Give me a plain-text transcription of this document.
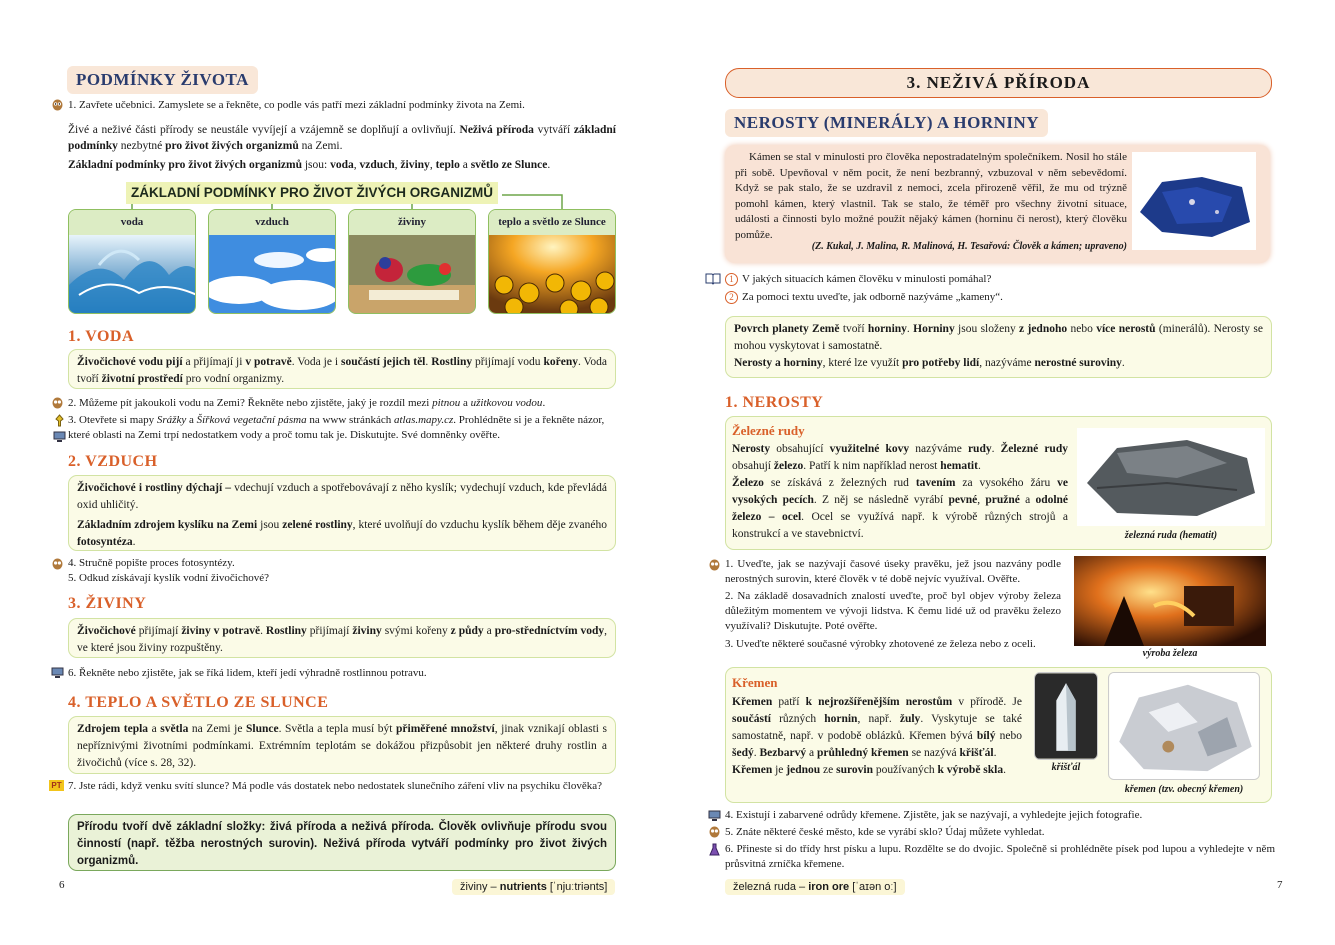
PODMÍNKY ŽIVOTA
1. Zavřete učebnici. Zamyslete se a řekněte, co podle vás patří mezi základní podmínky života na Zemi.
Živé a neživé části přírody se neustále vyvíjejí a vzájemně se doplňují a ovlivňují. Neživá příroda vytváří základní podmínky nezbytné pro život živých organizmů na Zemi.
Základní podmínky pro život živých organizmů jsou: voda, vzduch, živiny, teplo a světlo ze Slunce.
ZÁKLADNÍ PODMÍNKY PRO ŽIVOT ŽIVÝCH ORGANIZMŮ
voda	vzduch	živiny	teplo a světlo ze Slunce
1. VODA
Živočichové vodu pijí a přijímají ji v potravě. Voda je i součástí jejich těl. Rostliny přijímají vodu kořeny. Voda tvoří životní prostředí pro vodní organizmy.
2. Můžeme pít jakoukoli vodu na Zemi? Řekněte nebo zjistěte, jaký je rozdíl mezi pitnou a užitkovou vodou.
3. Otevřete si mapy Srážky a Šířková vegetační pásma na www stránkách atlas.mapy.cz. Prohlédněte si je a řekněte názor, které oblasti na Zemi trpí nedostatkem vody a proč tomu tak je. Diskutujte. Své domněnky ověřte.
2. VZDUCH
Živočichové i rostliny dýchají – vdechují vzduch a spotřebovávají z něho kyslík; vydechují vzduch, kde převládá oxid uhličitý.
Základním zdrojem kyslíku na Zemi jsou zelené rostliny, které uvolňují do vzduchu kyslík během děje zvaného fotosyntéza.
4. Stručně popište proces fotosyntézy.
5. Odkud získávají kyslík vodní živočichové?
3. ŽIVINY
Živočichové přijímají živiny v potravě. Rostliny přijímají živiny svými kořeny z půdy a pro-středníctvím vody, ve které jsou živiny rozpuštěny.
6. Řekněte nebo zjistěte, jak se říká lidem, kteří jedí výhradně rostlinnou potravu.
4. TEPLO A SVĚTLO ZE SLUNCE
Zdrojem tepla a světla na Zemi je Slunce. Světla a tepla musí být přiměřené množství, jinak vznikají oblasti s nepříznivými životními podmínkami. Extrémním teplotám se dokážou přizpůsobit jen některé druhy rostlin a živočichů (více s. 28, 32).
PT 7. Jste rádi, když venku svítí slunce? Má podle vás dostatek nebo nedostatek slunečního záření vliv na psychiku člověka?
Přírodu tvoří dvě základní složky: živá příroda a neživá příroda. Člověk ovlivňuje přírodu svou činností (např. těžba nerostných surovin). Neživá příroda vytváří podmínky pro život živých organizmů.
6	živiny – nutrients [ˈnjuːtriənts]
3. NEŽIVÁ PŘÍRODA
NEROSTY (MINERÁLY) A HORNINY
Kámen se stal v minulosti pro člověka nepostradatelným společníkem. Nosil ho stále při sobě. Upevňoval v něm pocit, že není bezbranný, vzbuzoval v něm sebevědomí. Když se pak stalo, že se uzdravil z nemoci, zcela přirozeně věřil, že mu od trýzně pomohl kámen, který vlastnil. Tak se stalo, že téměř pro všechny životní situace, události a činnosti bylo možné použít nějaký kámen (horninu či nerost), který člověku pomůže.
(Z. Kukal, J. Malina, R. Malinová, H. Tesařová: Člověk a kámen; upraveno)
1 V jakých situacích kámen člověku v minulosti pomáhal?
2 Za pomoci textu uveďte, jak odborně nazýváme „kameny“.
Povrch planety Země tvoří horniny. Horniny jsou složeny z jednoho nebo více nerostů (minerálů). Nerosty se mohou vyskytovat i samostatně.
Nerosty a horniny, které lze využít pro potřeby lidí, nazýváme nerostné suroviny.
1. NEROSTY
Železné rudy
Nerosty obsahující využitelné kovy nazýváme rudy. Železné rudy obsahují železo. Patří k nim například nerost hematit.
Železo se získává z železných rud tavením za vysokého žáru ve vysokých pecích. Z něj se následně vyrábí pevné, pružné a odolné železo – ocel. Ocel se využívá např. k výrobě různých strojů a konstrukcí a ve stavebnictví.	železná ruda (hematit)
1. Uveďte, jak se nazývají časové úseky pravěku, jež jsou nazvány podle nerostných surovin, které člověk v té době nejvíc využíval. Ověřte.
2. Na základě dosavadních znalostí uveďte, proč byl objev výroby železa důležitým momentem ve vývoji lidstva. K čemu lidé už od pravěku železo využívali? Diskutujte. Poté ověřte.
3. Uveďte některé současné výrobky zhotovené ze železa nebo z oceli.
výroba železa
Křemen
Křemen patří k nejrozšířenějším nerostům v přírodě. Je součástí různých hornin, např. žuly. Vyskytuje se také samostatně, např. v podobě oblázků. Křemen bývá bílý nebo šedý. Bezbarvý a průhledný křemen se nazývá křišťál.
Křemen je jednou ze surovin používaných k výrobě skla.	křišťál
křemen (tzv. obecný křemen)
4. Existují i zabarvené odrůdy křemene. Zjistěte, jak se nazývají, a vyhledejte jejich fotografie.
5. Znáte některé české město, kde se vyrábí sklo? Údaj můžete vyhledat.
6. Přineste si do třídy hrst písku a lupu. Rozdělte se do dvojic. Společně si prohlédněte písek pod lupou a vyhledejte v něm průsvitná zrníčka křemene.
7
železná ruda – iron ore [ˈaɪən oː]
